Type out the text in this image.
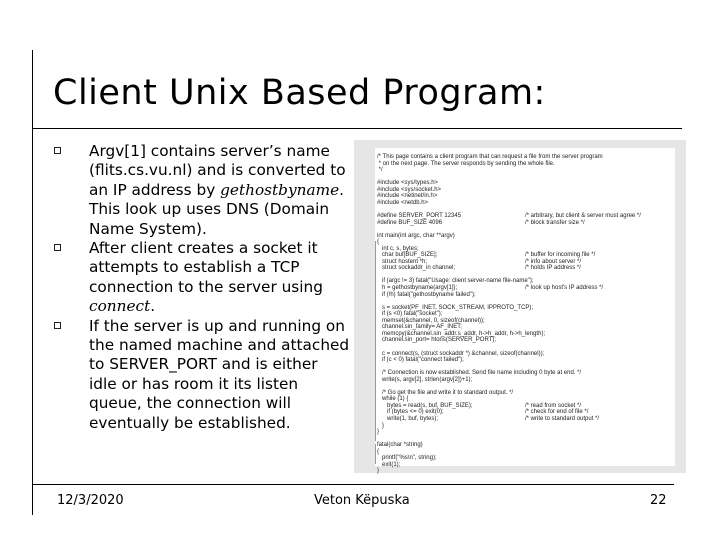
Client Unix Based Program:
Argv[1] contains server’s name (flits.cs.vu.nl) and is converted to an IP address by gethostbyname. This look up uses DNS (Domain Name System).
After client creates a socket it attempts to establish a TCP connection to the server using connect.
If the server is up and running on the named machine and attached to SERVER_PORT and is either idle or has room it its listen queue, the connection will eventually be established.
/* This page contains a client program that can request a file from the server program
* on the next page. The server responds by sending the whole file.
*/
#include <sys/types.h>
#include <sys/socket.h>
#include <netinet/in.h>
#include <netdb.h>
#define SERVER_PORT 12345	/* arbitrary, but client & server must agree */
#define BUF_SIZE 4096	/* block transfer size */
int main(int argc, char **argv)
{
int c, s, bytes;
char buf[BUF_SIZE];	/* buffer for incoming file */
struct hostent *h;	/* info about server */
struct sockaddr_in channel;	/* holds IP address */
if (argc != 3) fatal("Usage: client server-name file-name");
h = gethostbyname(argv[1]);	/* look up host's IP address */
if (!h) fatal("gethostbyname failed");
s = socket(PF_INET, SOCK_STREAM, IPPROTO_TCP);
if (s <0) fatal("socket");
memset(&channel, 0, sizeof(channel));
channel.sin_family= AF_INET;
memcpy(&channel.sin_addr.s_addr, h->h_addr, h->h_length);
channel.sin_port= htons(SERVER_PORT);
c = connect(s, (struct sockaddr *) &channel, sizeof(channel));
if (c < 0) fatal("connect failed");
/* Connection is now established. Send file name including 0 byte at end. */
write(s, argv[2], strlen(argv[2])+1);
/* Go get the file and write it to standard output. */
while (1) {
bytes = read(s, buf, BUF_SIZE);	/* read from socket */
if (bytes <= 0) exit(0);	/* check for end of file */
write(1, buf, bytes);	/* write to standard output */
}
}
fatal(char *string)
{
printf("%s\n", string);
exit(1);
}
12/3/2020	Veton Këpuska	22
